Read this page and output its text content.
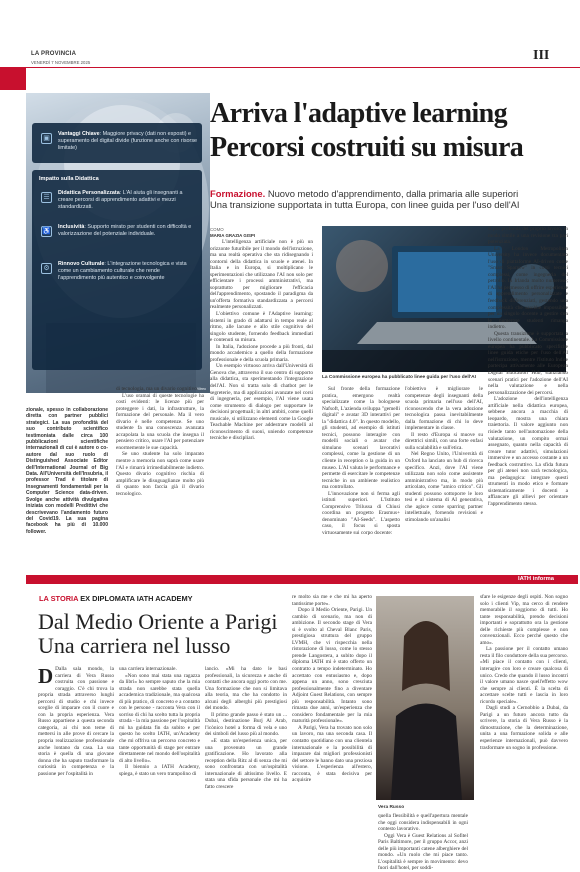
LA PROVINCIA
VENERDÌ 7 NOVEMBRE 2025	III
▣
Vantaggi Chiave: Maggiore privacy (dati non esposti) e superamento del digital divide (funzione anche con risorse limitate)
Impatto sulla Didattica
☰
Didattica Personalizzata: L'AI aiuta gli insegnanti a creare percorsi di apprendimento adattivi e mezzi standardizzati.
♿
Inclusività: Supporto mirato per studenti con difficoltà e valorizzazione del potenziale individuale.
⚙
Rinnovo Culturale: L'integrazione tecnologica e vista come un cambiamento culturale che rende l'apprendimento più autentico e coinvolgente
Vitreo

zionale, spesso in collaborazione diretta con partner pubblici strategici. La sua profondità del suo contributo scientifico testimoniata dalle circa 100 pubblicazioni scientifiche internazionali di cui è autore o co-autore dal suo ruolo di Distinguished Associate Editor dell'International Journal of Big Data. All'Università dell'Insubria, il professor Trad è titolare di Insegnamenti fondamentali per la Computer Science data-driven. Svolge anche attività divulgativa iniziata con modelli Predittivi che descrivevano l'andamento futuro del Covid19. La sua pagina facebook ha più di 10.000 follower.

Arriva l'adaptive learning
Percorsi costruiti su misura
Formazione. Nuovo metodo d'apprendimento, dalla primaria alle superiori
Una transizione supportata in tutta Europa, con linee guida per l'uso dell'AI
COMO
MARIA GRAZIA GISPI
La Commissione europea ha pubblicato linee guida per l'uso dell'AI

L'intelligenza artificiale non è più un orizzonte futuribile per il mondo dell'istruzione, ma una realtà operativa che sta ridisegnando i contorni della didattica in scuole e atenei. In Italia e in Europa, si moltiplicano le sperimentazioni che utilizzano l'AI non solo per efficientare i processi amministrativi, ma soprattutto per migliorare l'efficacia dell'apprendimento, spostando il paradigma da un'offerta formativa standardizzata a percorsi realmente personalizzati.

L'obiettivo comune è l'Adaptive learning: sistemi in grado di adattarsi in tempo reale al ritmo, alle lacune e allo stile cognitivo del singolo studente, fornendo feedback immediati e contenuti su misura.

In Italia, l'adozione procede a più fronti, dal mondo accademico a quello della formazione professionale e della scuola primaria.

Un esempio virtuoso arriva dall'Università di Genova che, attraverso il suo centro di supporto alla didattica, sta sperimentando l'integrazione dell'AI. Non si tratta solo di chatbot per le segreterie, ma di applicazioni avanzate nel corsi di ingegneria, per esempio, l'AI viene usata come strumento di dialogo per supportare le decisioni progettuali; in altri ambiti, come quelli musicale, si utilizzano elementi come la Google Teachable Machine per addestrare modelli al riconoscimento di suoni, uniendo competenze tecniche e discipliari.

di tecnologia, ma un divario cognitivo.

L'uso oramai di queste tecnologie ha costi evidenti: le licenze più per proteggere i dati, la infrastrutture, la formazione del personale. Ma il vero divario è nelle competenze. Se uno studente fa una conoscenza avanzata accapolata la una scuola che insegna il pensiero critico, usare l'AI per potenziare enormemente le sue capacità.

Se uno studente ha solo imparato mentre a memoria non saprà come usare l'AI e rimarrà irrimediabilmente indietro. Questo divario cognitivo rischia di amplificare le disuguaglianze molto più di quanto non faccia già il divario tecnologico.

Sul fronte della formazione pratica, emergono realtà specializzate come la bolognese Nafsoft, L'azienda sviluppa "gemelli digitali" e avatar 3D interattivi per la "didattica 4.0". In questo modello, gli studenti, ad esempio di istituti tecnici, possono interagire con modelli sociali o avatar che simulano scenari lavorativi complessi, come la gestione di un cliente in reception o la guida in un museo. L'AI valuta le performance e permette di esercitare le competenze tecniche in un ambiente realistico ma controllato.

L'innovazione non si ferma agli istituti superiori. L'Istituto Comprensivo Trilussa di Chiusi coordina un progetto Erasmus+ denominato "AI-Seeds". L'aspetto caso, il focus si sposta virtuosamente sui corpo docente:

l'obiettivo è migliorare le competenze degli insegnanti della scuola primaria nell'uso dell'AI, riconoscendo che la vera adozione tecnologica passa inevitabilmente dalla formazione di chi lo deve implementare in classe.

Il resto d'Europa si muove su direttrici simili, con una forte enfasi sulla scalabilità e sull'etica.

Nel Regno Unito, l'Università di Oxford ha lanciato un hub di ricerca specifico. Anzi, dove l'AI viene utilizzata non solo come assistente amministrativo ma, in modo più articolato, come "amico critico". Gli studenti possono sottoporre le loro tesi e al sistema di AI generativa, che agisce come sparring partner intellettuale, fornendo revisioni e stimolando un'analisi

si più profonda del proprio lavoro, in modo simile a una revisione tra pari potenziata.

La London Metropolitan University ha invece documentato l'uso di piattaforme AI-driven come "Smart Sparrow" in corsi tecnici complessi, come ingegneria del petrolio. In Irlanda molto numerose; l'AI ha permesso di offrire esperienze di apprendimento personalizzate e feedback differenziati, gestendo una complessità che sarebbe impossibile per un singolo docente a gestire con le numerose studenti rimanga indietro.

Questa transizione è supportata a livello continentale. La Commissione europea ha pubblicato specifiche linee guida etiche per l'uso dell'AI nell'istruzione, mentre l'Istituto Indire partecipa attivamente alle European Digital Education Hub, stanziando scenari pratici per l'adozione dell'AI nella valutazione e nella personalizzazione dei percorsi.

L'adozione dell'intelligenza artificiale nella didattica europea, sebbene ancora a macchia di leopardo, mostra una chiara traiettoria. Il valore aggiunto non risiede tanto nell'automazione della valutazione, un compito ormai assegnato, quanto nella capacità di creare tutor adattivi, simulazioni immersive e un accesso costante a un feedback costruttivo. La sfida futura per gli atenei non sarà tecnologica, ma pedagogica: integrare questi strumenti in modo etico e formare sistematicamente i docenti a affiancare gli allievi per orientare l'apprendimento stesso.

IATH informa
LA STORIA EX DIPLOMATA IATH ACADEMY
Dal Medio Oriente a Parigi
Una carriera nel lusso
Vera Russo
D Dalla sala mondo, la carriera di Vera Russo costruita con passione e coraggio. C'è chi trova la propria strada attraverso lunghi percorsi di studio e chi invece sceglie di imparare con il cuore e con la propria esperienza. Vera Russo appartiene a questa seconda categoria, ai chi non teme di mettersi in alle prove di cercare la propria realizzazione professionale anche lontano da casa. La sua storia è quella di una giovane donna che ha saputo trasformare la curiosità in competenza e la passione per l'ospitalità in

una carriera internazionale.

«Non sono mai stata una ragazza da libri» ho sempre saputo che la mia strada non sarebbe stata quella accademica tradizionale, ma qualcosa di più pratico, di concreto e a contatto con le persone - racconta Vera con il sorriso di chi ha scelto tutta la propria strada - la mia passione per l'ospitalità mi ha guidata fin da subito e per questo ho scelto IATH, un'Academy che mi offriva un percorso concreto e tante opportunità di stage per entrare direttamente nel mondo dell'ospitalità di alto livello».

Il biennio a IATH Academy, spiega, è stato un vero trampolino di

lancio. «Mi ha dato le basi professionali, la sicurezza e anche di contatti che ancora oggi porto con me. Una formazione che non si limitava alla teoria, ma che ha condotto in alcuni degli alberghi più prestigiosi del mondo.

Il primo grande passo è stato un ... Dubai, destinazione Burj Al Arab, l'icònico hotel a forma di vela e uno dei simboli del lusso più al mondo.

«E stata un'esperienza unica, per una provenuto un grande gratificazione. Ho lavorato alla reception della Ritz al di senza che mi sono confrontata con un'ospitalità internazionale di altissimo livello. E stata una sfida personale che mi ha fatto crescere

re molto sia me e che mi ha aperto tantissime porte».

Dopo il Medio Oriente, Parigi. Un cambio di scenario, ma non di ambizione. Il secondo stage di Vera si è svolto al Cheval Blanc Paris, prestigiosa struttura del gruppo LVMH, che vi rispecchia nella ristorazione di lusso, come lo stesso prende Langostera, a subito dopo il diploma IATH mi è stato offerto un contratto a tempo indeterminato. Ho accettato con entusiasmo e, dopo appena un anno, sono cresciuta professionalmente fino a diventare Adjoint Guest Relations, con sempre più responsabilità. Intanto sono rimasta due anni, un'esperienza che considero fondamentale per la mia maturità professionale».

A Parigi, Vera ha trovato non solo un lavoro, ma una seconda casa. Il contatto quotidiano con una clientela internazionale e la possibilità di imparare dai migliori professionisti del settore le hanno dato una preziosa visione. L'esperienza all'estero, racconta, è stata decisiva per acquisire

quella flessibilità e quell'apertura mentale che oggi considera indispensabili in ogni contesto lavorativo.

Oggi Vera è Guest Relations al Sofitel Paris Baltimore, per il gruppo Accor, anzi delle più importanti catene alberghiere del mondo. «Un ruolo che mi piace tanto. L'ospitalità è sempre in movimento: devo fuori dall'hotel, per soddi-

sfare le esigenze degli ospiti. Non sogno solo i clienti Vip, ma cerco di rendere memorabile il soggiorno di tutti. Ho tante responsabilità, prendo decisioni importanti e soprattutto ora la gestione delle richieste più complesse e non convenzionali. Ecco perché questo che amo».

La passione per il contatto umano resta il filo conduttore della sua percorso. «Mi piace il contatto con i clienti, interagire con loro e creare qualcosa di unico. Credo che quando il lusso incontri il valore umano nasce quell'effetto wow che sempre ai clienti. È la scelta di accettare scelte tutti e lascia in loro ricordo speciale».

Dagli studi a Cernobbio a Dubai, da Parigi a un futuro ancora tutto da scrivere, la storia di Vera Russo è la dimostrazione, che la determinazione, unita a una formazione solida e alle esperienze internazionali, può davvero trasformare un sogno in professione.
